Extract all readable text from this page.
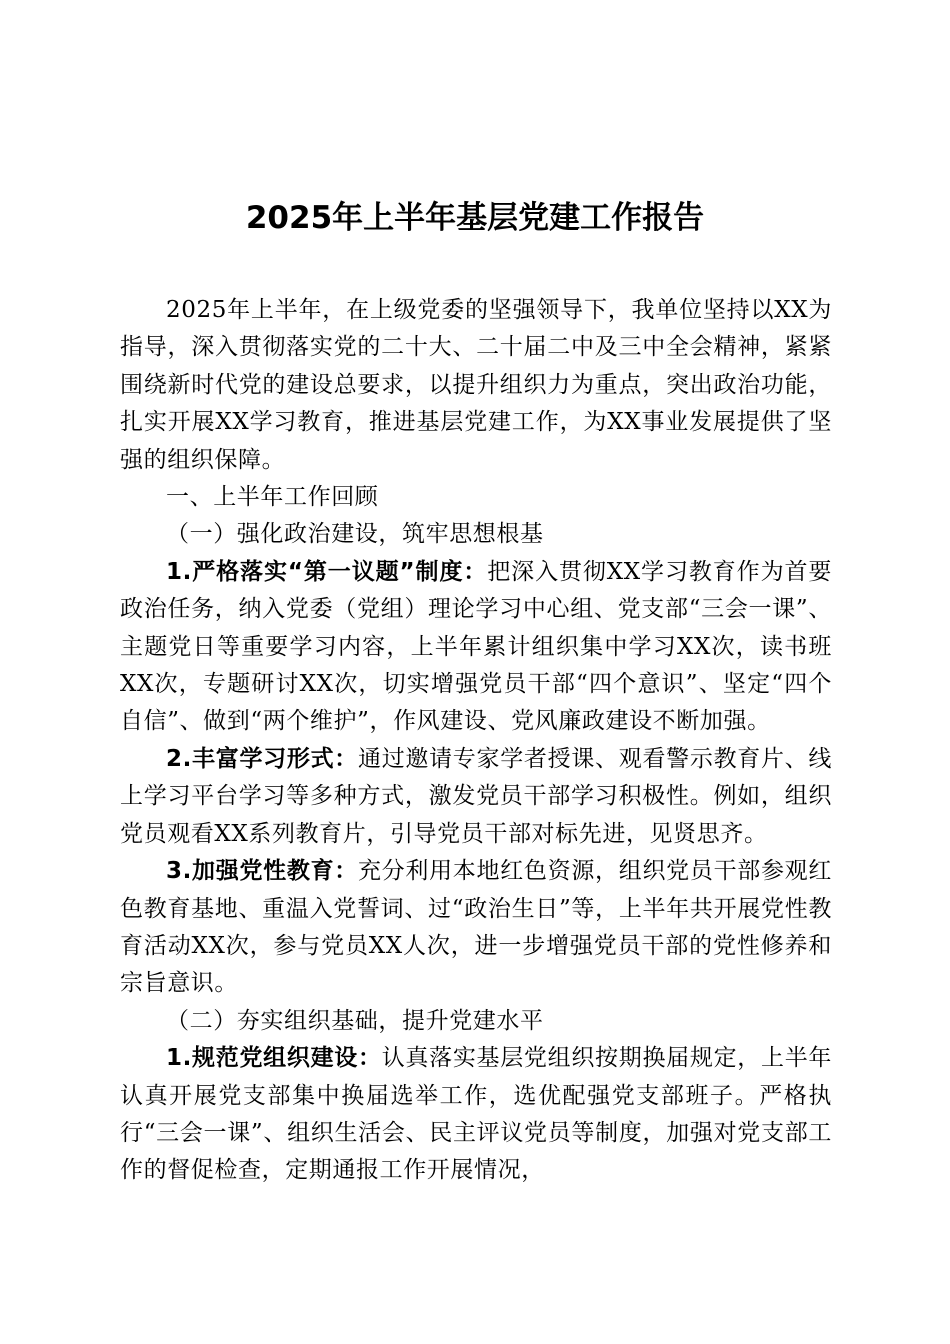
2025年上半年基层党建工作报告

2025年上半年，在上级党委的坚强领导下，我单位坚持以XX为指导，深入贯彻落实党的二十大、二十届二中及三中全会精神，紧紧围绕新时代党的建设总要求，以提升组织力为重点，突出政治功能，扎实开展XX学习教育，推进基层党建工作，为XX事业发展提供了坚强的组织保障。

一、上半年工作回顾

（一）强化政治建设，筑牢思想根基

1.严格落实“第一议题”制度：把深入贯彻XX学习教育作为首要政治任务，纳入党委（党组）理论学习中心组、党支部“三会一课”、主题党日等重要学习内容，上半年累计组织集中学习XX次，读书班XX次，专题研讨XX次，切实增强党员干部“四个意识”、坚定“四个自信”、做到“两个维护”，作风建设、党风廉政建设不断加强。

2.丰富学习形式：通过邀请专家学者授课、观看警示教育片、线上学习平台学习等多种方式，激发党员干部学习积极性。例如，组织党员观看XX系列教育片，引导党员干部对标先进，见贤思齐。

3.加强党性教育：充分利用本地红色资源，组织党员干部参观红色教育基地、重温入党誓词、过“政治生日”等，上半年共开展党性教育活动XX次，参与党员XX人次，进一步增强党员干部的党性修养和宗旨意识。

（二）夯实组织基础，提升党建水平

1.规范党组织建设：认真落实基层党组织按期换届规定，上半年认真开展党支部集中换届选举工作，选优配强党支部班子。严格执行“三会一课”、组织生活会、民主评议党员等制度，加强对党支部工作的督促检查，定期通报工作开展情况，
